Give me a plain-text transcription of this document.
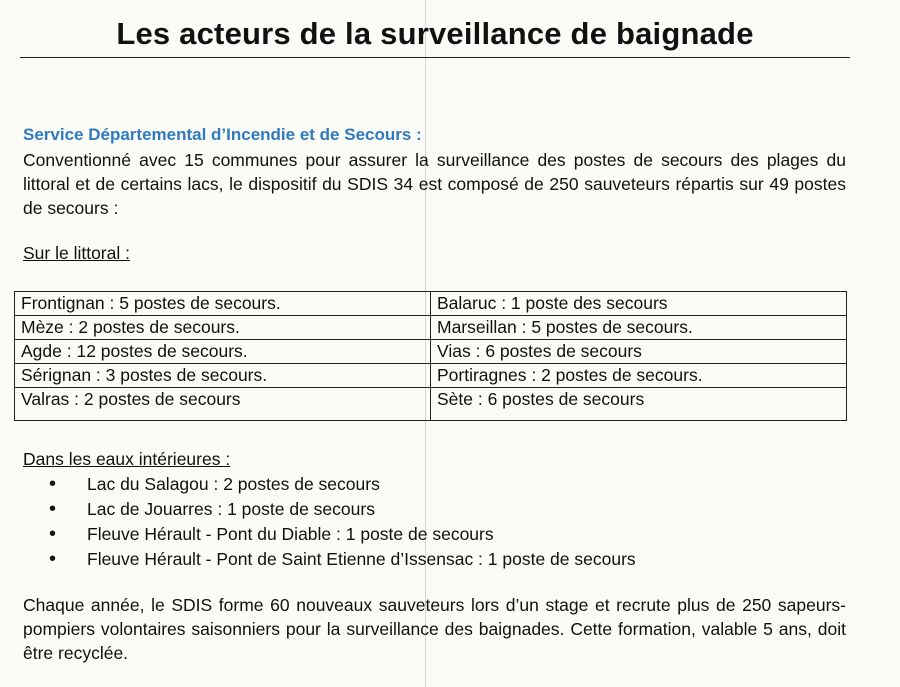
Les acteurs de la surveillance de baignade
Service Départemental d’Incendie et de Secours :
Conventionné avec 15 communes pour assurer la surveillance des postes de secours des plages du littoral et de certains lacs, le dispositif du SDIS 34 est composé de 250 sauveteurs répartis sur 49 postes de secours :
Sur le littoral :
Frontignan : 5 postes de secours.	Balaruc : 1 poste des secours
Mèze : 2 postes de secours.	Marseillan : 5 postes de secours.
Agde : 12 postes de secours.	Vias : 6 postes de secours
Sérignan : 3 postes de secours.	Portiragnes : 2 postes de secours.
Valras : 2 postes de secours	Sète : 6 postes de secours
Dans les eaux intérieures :
• Lac du Salagou : 2 postes de secours
• Lac de Jouarres : 1 poste de secours
• Fleuve Hérault - Pont du Diable : 1 poste de secours
• Fleuve Hérault - Pont de Saint Etienne d’Issensac : 1 poste de secours
Chaque année, le SDIS forme 60 nouveaux sauveteurs lors d’un stage et recrute plus de 250 sapeurs-pompiers volontaires saisonniers pour la surveillance des baignades. Cette formation, valable 5 ans, doit être recyclée.
